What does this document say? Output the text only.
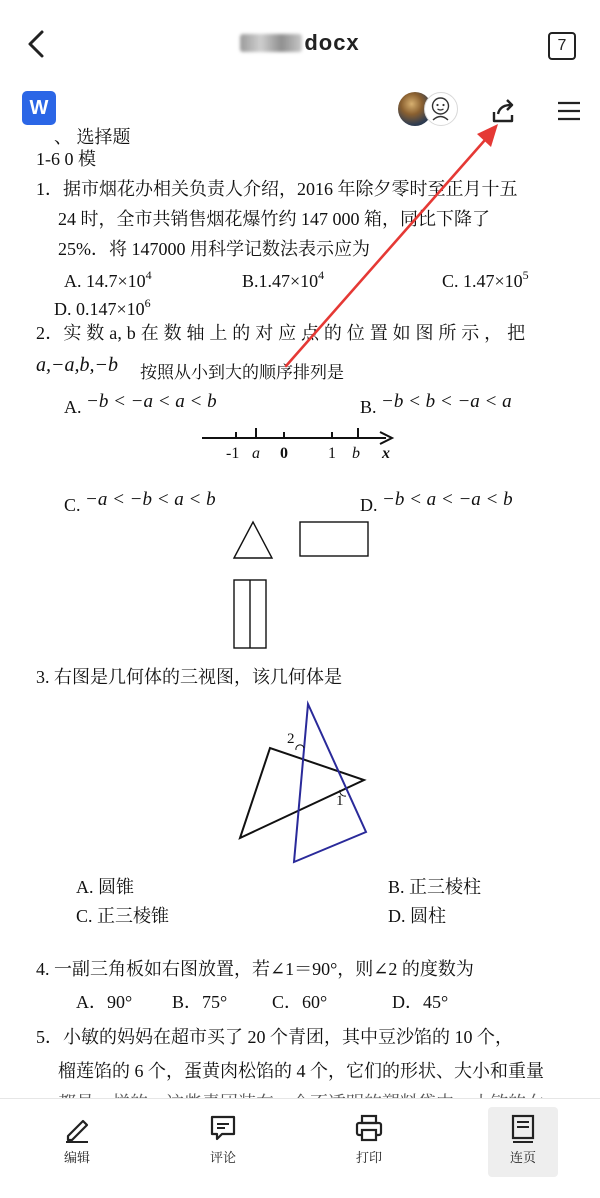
docx	7
W
、 选择题
1-6 0 模
1．据市烟花办相关负责人介绍，2016 年除夕零时至正月十五
24 时，全市共销售烟花爆竹约 147 000 箱，同比下降了
25%．将 147000 用科学记数法表示应为
A. $14.7\times 10^4$	$B.1.47\times 10^4$	C. $1.47\times 10^5$
D. $0.147\times 10^6$
2．实 数 a, b 在 数 轴 上 的 对 应 点 的 位 置 如 图 所 示 ， 把
a,−a,b,−b 按照从小到大的顺序排列是
A. −b < −a < a < b	B. −b < b < −a < a
-1 a 0	1 b x
C. −a < −b < a < b	D. −b < a < −a < b
3. 右图是几何体的三视图，该几何体是
2
1
A. 圆锥	B. 正三棱柱
C. 正三棱锥	D. 圆柱
4. 一副三角板如右图放置，若∠1＝90°，则∠2 的度数为
A．90° B．75° C．60°	D．45°
5．小敏的妈妈在超市买了 20 个青团，其中豆沙馅的 10 个，
榴莲馅的 6 个，蛋黄肉松馅的 4 个，它们的形状、大小和重量
编辑	评论	打印	连页
